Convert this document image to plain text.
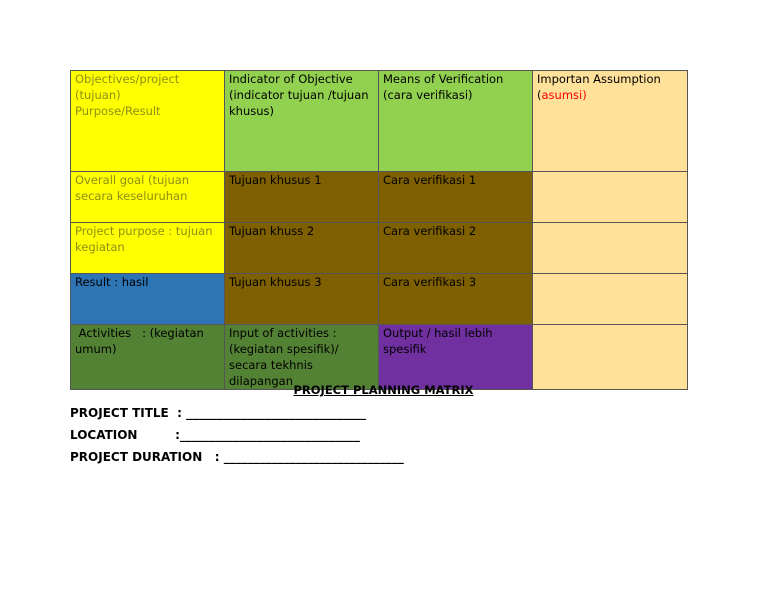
Objectives/project (tujuan)
Purpose/Result	Indicator of Objective (indicator tujuan /tujuan khusus)	Means of Verification (cara verifikasi)	Importan Assumption (asumsi)
Overall goal (tujuan secara keseluruhan	Tujuan khusus 1	Cara verifikasi 1	
Project purpose : tujuan kegiatan	Tujuan khuss 2	Cara verifikasi 2	
Result : hasil	Tujuan khusus 3	Cara verifikasi 3	
Activities   : (kegiatan umum)	Input of activities : (kegiatan spesifik)/ secara tekhnis dilapangan	Output / hasil lebih spesifik	
PROJECT PLANNING MATRIX
PROJECT TITLE  : ______________________________
LOCATION         :______________________________
PROJECT DURATION   : ______________________________
